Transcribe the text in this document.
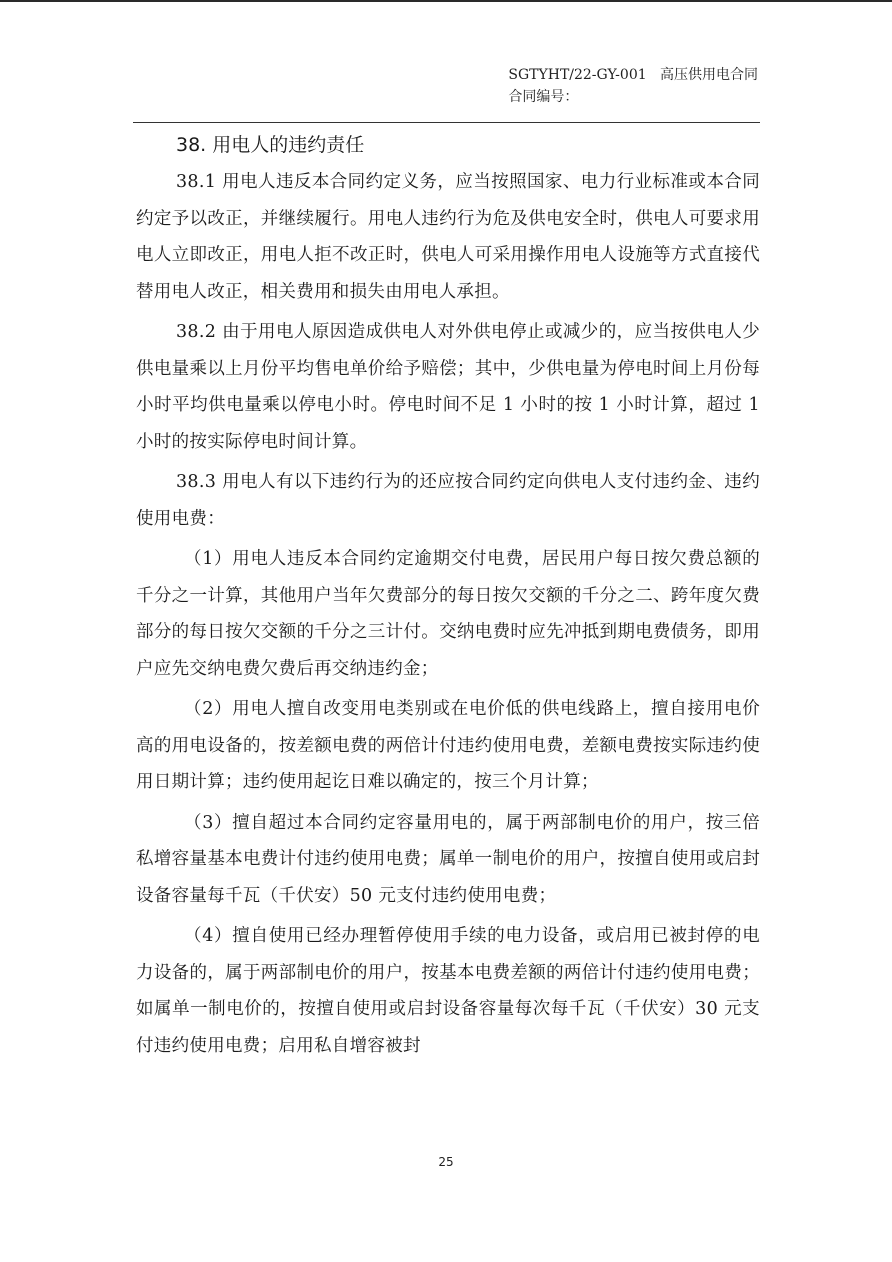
SGTYHT/22-GY-001 高压供用电合同
合同编号：
38. 用电人的违约责任

38.1 用电人违反本合同约定义务，应当按照国家、电力行业标准或本合同约定予以改正，并继续履行。用电人违约行为危及供电安全时，供电人可要求用电人立即改正，用电人拒不改正时，供电人可采用操作用电人设施等方式直接代替用电人改正，相关费用和损失由用电人承担。

38.2 由于用电人原因造成供电人对外供电停止或减少的，应当按供电人少供电量乘以上月份平均售电单价给予赔偿；其中，少供电量为停电时间上月份每小时平均供电量乘以停电小时。停电时间不足 1 小时的按 1 小时计算，超过 1 小时的按实际停电时间计算。

38.3 用电人有以下违约行为的还应按合同约定向供电人支付违约金、违约使用电费：

（1）用电人违反本合同约定逾期交付电费，居民用户每日按欠费总额的千分之一计算，其他用户当年欠费部分的每日按欠交额的千分之二、跨年度欠费部分的每日按欠交额的千分之三计付。交纳电费时应先冲抵到期电费债务，即用户应先交纳电费欠费后再交纳违约金；

（2）用电人擅自改变用电类别或在电价低的供电线路上，擅自接用电价高的用电设备的，按差额电费的两倍计付违约使用电费，差额电费按实际违约使用日期计算；违约使用起讫日难以确定的，按三个月计算；

（3）擅自超过本合同约定容量用电的，属于两部制电价的用户，按三倍私增容量基本电费计付违约使用电费；属单一制电价的用户，按擅自使用或启封设备容量每千瓦（千伏安）50 元支付违约使用电费；

（4）擅自使用已经办理暂停使用手续的电力设备，或启用已被封停的电力设备的，属于两部制电价的用户，按基本电费差额的两倍计付违约使用电费；如属单一制电价的，按擅自使用或启封设备容量每次每千瓦（千伏安）30 元支付违约使用电费；启用私自增容被封

25
